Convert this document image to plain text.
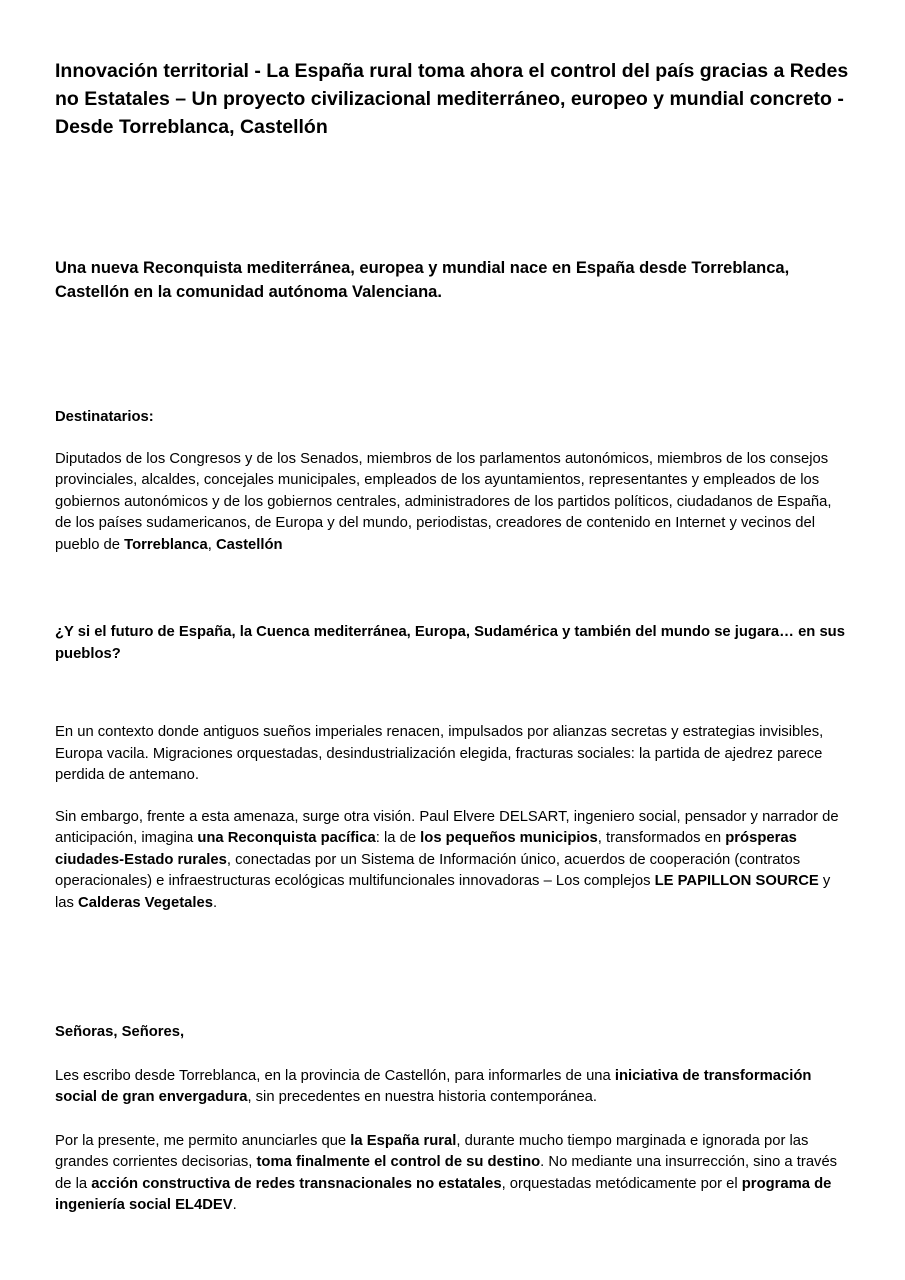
Innovación territorial - La España rural toma ahora el control del país gracias a Redes no Estatales – Un proyecto civilizacional mediterráneo, europeo y mundial concreto - Desde Torreblanca, Castellón
Una nueva Reconquista mediterránea, europea y mundial nace en España desde Torreblanca, Castellón en la comunidad autónoma Valenciana.

Destinatarios:

Diputados de los Congresos y de los Senados, miembros de los parlamentos autonómicos, miembros de los consejos provinciales, alcaldes, concejales municipales, empleados de los ayuntamientos, representantes y empleados de los gobiernos autonómicos y de los gobiernos centrales, administradores de los partidos políticos, ciudadanos de España, de los países sudamericanos, de Europa y del mundo, periodistas, creadores de contenido en Internet y vecinos del pueblo de Torreblanca, Castellón

¿Y si el futuro de España, la Cuenca mediterránea, Europa, Sudamérica y también del mundo se jugara… en sus pueblos?

En un contexto donde antiguos sueños imperiales renacen, impulsados por alianzas secretas y estrategias invisibles, Europa vacila. Migraciones orquestadas, desindustrialización elegida, fracturas sociales: la partida de ajedrez parece perdida de antemano.

Sin embargo, frente a esta amenaza, surge otra visión. Paul Elvere DELSART, ingeniero social, pensador y narrador de anticipación, imagina una Reconquista pacífica: la de los pequeños municipios, transformados en prósperas ciudades-Estado rurales, conectadas por un Sistema de Información único, acuerdos de cooperación (contratos operacionales) e infraestructuras ecológicas multifuncionales innovadoras – Los complejos LE PAPILLON SOURCE y las Calderas Vegetales.

Señoras, Señores,

Les escribo desde Torreblanca, en la provincia de Castellón, para informarles de una iniciativa de transformación social de gran envergadura, sin precedentes en nuestra historia contemporánea.

Por la presente, me permito anunciarles que la España rural, durante mucho tiempo marginada e ignorada por las grandes corrientes decisorias, toma finalmente el control de su destino. No mediante una insurrección, sino a través de la acción constructiva de redes transnacionales no estatales, orquestadas metódicamente por el programa de ingeniería social EL4DEV.
